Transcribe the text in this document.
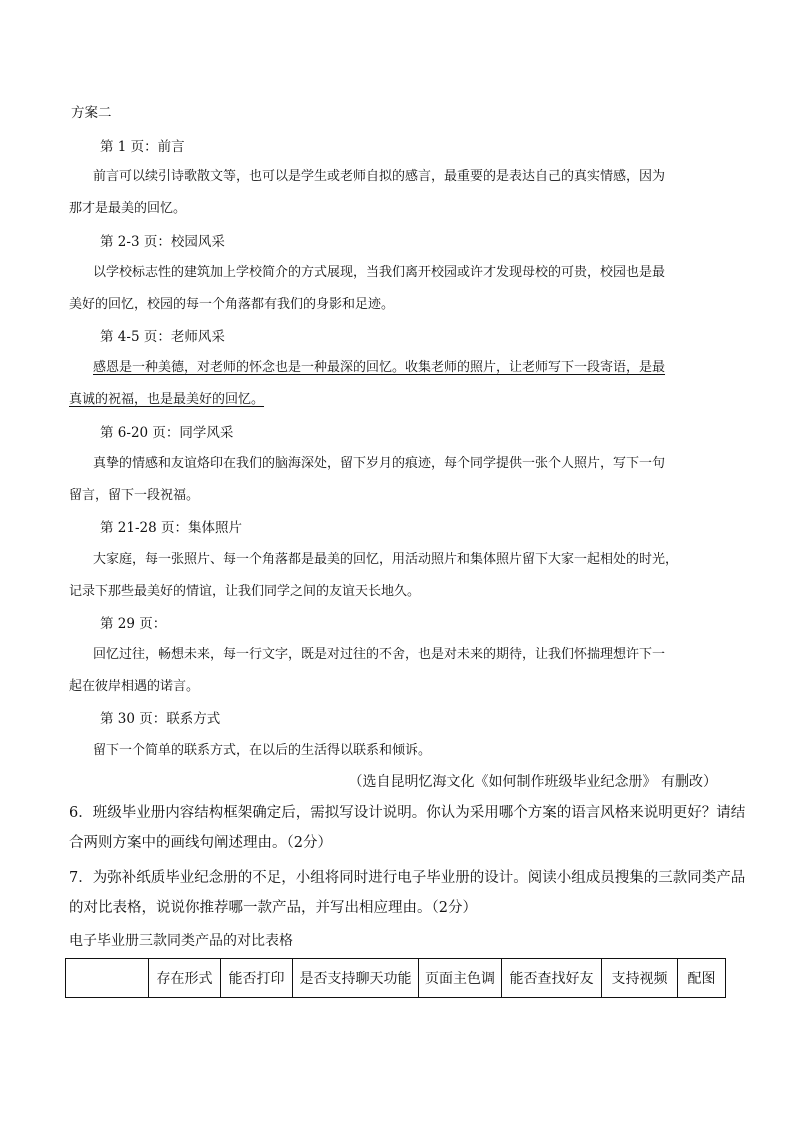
方案二
第 1 页：前言
前言可以续引诗歌散文等，也可以是学生或老师自拟的感言，最重要的是表达自己的真实情感，因为
那才是最美的回忆。
第 2-3 页：校园风采
以学校标志性的建筑加上学校简介的方式展现，当我们离开校园或许才发现母校的可贵，校园也是最
美好的回忆，校园的每一个角落都有我们的身影和足迹。
第 4-5 页：老师风采
感恩是一种美德，对老师的怀念也是一种最深的回忆。收集老师的照片，让老师写下一段寄语，是最
真诚的祝福，也是最美好的回忆。
第 6-20 页：同学风采
真挚的情感和友谊烙印在我们的脑海深处，留下岁月的痕迹，每个同学提供一张个人照片，写下一句
留言，留下一段祝福。
第 21-28 页：集体照片
大家庭，每一张照片、每一个角落都是最美的回忆，用活动照片和集体照片留下大家一起相处的时光，
记录下那些最美好的情谊，让我们同学之间的友谊天长地久。
第 29 页：
回忆过往，畅想未来，每一行文字，既是对过往的不舍，也是对未来的期待，让我们怀揣理想许下一
起在彼岸相遇的诺言。
第 30 页：联系方式
留下一个简单的联系方式，在以后的生活得以联系和倾诉。
（选自昆明忆海文化《如何制作班级毕业纪念册》 有删改）
6．班级毕业册内容结构框架确定后，需拟写设计说明。你认为采用哪个方案的语言风格来说明更好？请结
合两则方案中的画线句阐述理由。（2分）
7．为弥补纸质毕业纪念册的不足，小组将同时进行电子毕业册的设计。阅读小组成员搜集的三款同类产品
的对比表格，说说你推荐哪一款产品，并写出相应理由。（2分）
电子毕业册三款同类产品的对比表格
	存在形式	能否打印	是否支持聊天功能	页面主色调	能否查找好友	支持视频	配图
